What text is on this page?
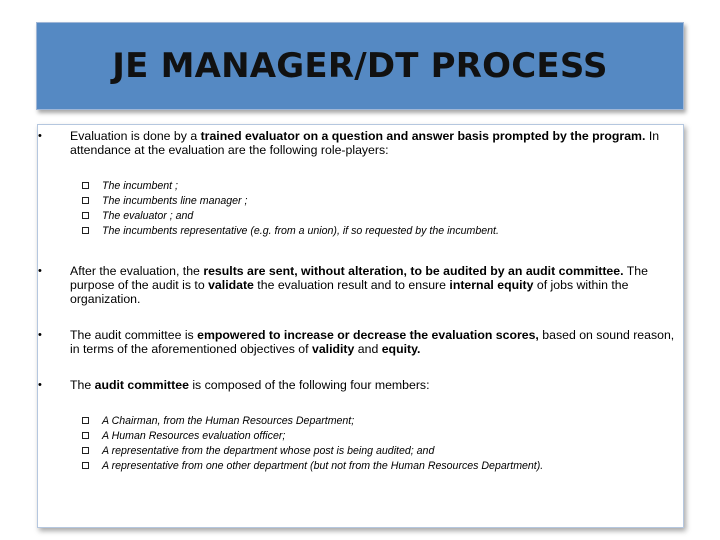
JE MANAGER/DT PROCESS
•	Evaluation is done by a trained evaluator on a question and answer basis prompted by the program. In attendance at the evaluation are the following role-players:
The incumbent ;
The incumbents line manager ;
The evaluator ; and
The incumbents representative (e.g. from a union), if so requested by the incumbent.
•	After the evaluation, the results are sent, without alteration, to be audited by an audit committee. The purpose of the audit is to validate the evaluation result and to ensure internal equity of jobs within the organization.
•	The audit committee is empowered to increase or decrease the evaluation scores, based on sound reason, in terms of the aforementioned objectives of validity and equity.
•	The audit committee is composed of the following four members:
A Chairman, from the Human Resources Department;
A Human Resources evaluation officer;
A representative from the department whose post is being audited; and
A representative from one other department (but not from the Human Resources Department).
